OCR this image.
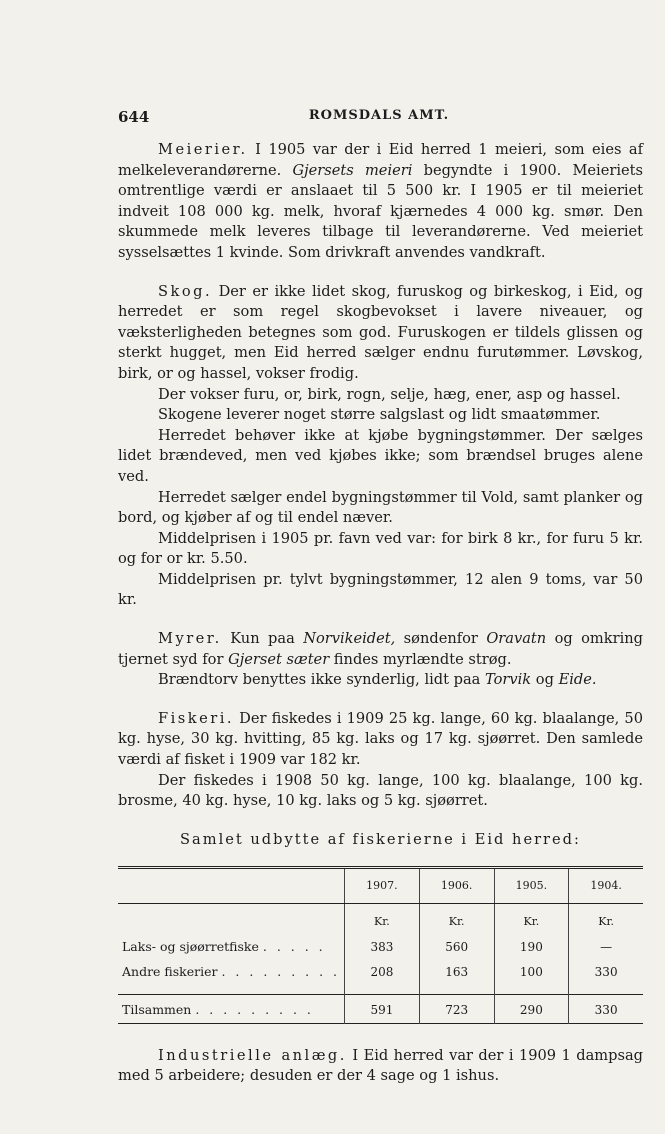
644	ROMSDALS AMT.

Meierier. I 1905 var der i Eid herred 1 meieri, som eies af melkeleverandørerne. Gjersets meieri begyndte i 1900. Meieriets omtrentlige værdi er anslaaet til 5 500 kr. I 1905 er til meieriet indveit 108 000 kg. melk, hvoraf kjærnedes 4 000 kg. smør. Den skummede melk leveres tilbage til leverandørerne. Ved meieriet sysselsættes 1 kvinde. Som drivkraft anvendes vandkraft.

Skog. Der er ikke lidet skog, furuskog og birkeskog, i Eid, og herredet er som regel skogbevokset i lavere niveauer, og væksterligheden betegnes som god. Furuskogen er tildels glissen og sterkt hugget, men Eid herred sælger endnu furutømmer. Løvskog, birk, or og hassel, vokser frodig.

Der vokser furu, or, birk, rogn, selje, hæg, ener, asp og hassel.

Skogene leverer noget større salgslast og lidt smaatømmer.

Herredet behøver ikke at kjøbe bygningstømmer. Der sælges lidet brændeved, men ved kjøbes ikke; som brændsel bruges alene ved.

Herredet sælger endel bygningstømmer til Vold, samt planker og bord, og kjøber af og til endel næver.

Middelprisen i 1905 pr. favn ved var: for birk 8 kr., for furu 5 kr. og for or kr. 5.50.

Middelprisen pr. tylvt bygningstømmer, 12 alen 9 toms, var 50 kr.

Myrer. Kun paa Norvikeidet, søndenfor Oravatn og omkring tjernet syd for Gjerset sæter findes myrlændte strøg.

Brændtorv benyttes ikke synderlig, lidt paa Torvik og Eide.

Fiskeri. Der fiskedes i 1909 25 kg. lange, 60 kg. blaalange, 50 kg. hyse, 30 kg. hvitting, 85 kg. laks og 17 kg. sjøørret. Den samlede værdi af fisket i 1909 var 182 kr.

Der fiskedes i 1908 50 kg. lange, 100 kg. blaalange, 100 kg. brosme, 40 kg. hyse, 10 kg. laks og 5 kg. sjøørret.

Samlet udbytte af fiskerierne i Eid herred:

	1907.	1906.	1905.	1904.
	Kr.	Kr.	Kr.	Kr.
Laks- og sjøørretfiske . . . . .	383	560	190	—
Andre fiskerier . . . . . . . . .	208	163	100	330

Tilsammen . . . . . . . . .	591	723	290	330

Industrielle anlæg. I Eid herred var der i 1909 1 dampsag med 5 arbeidere; desuden er der 4 sage og 1 ishus.
